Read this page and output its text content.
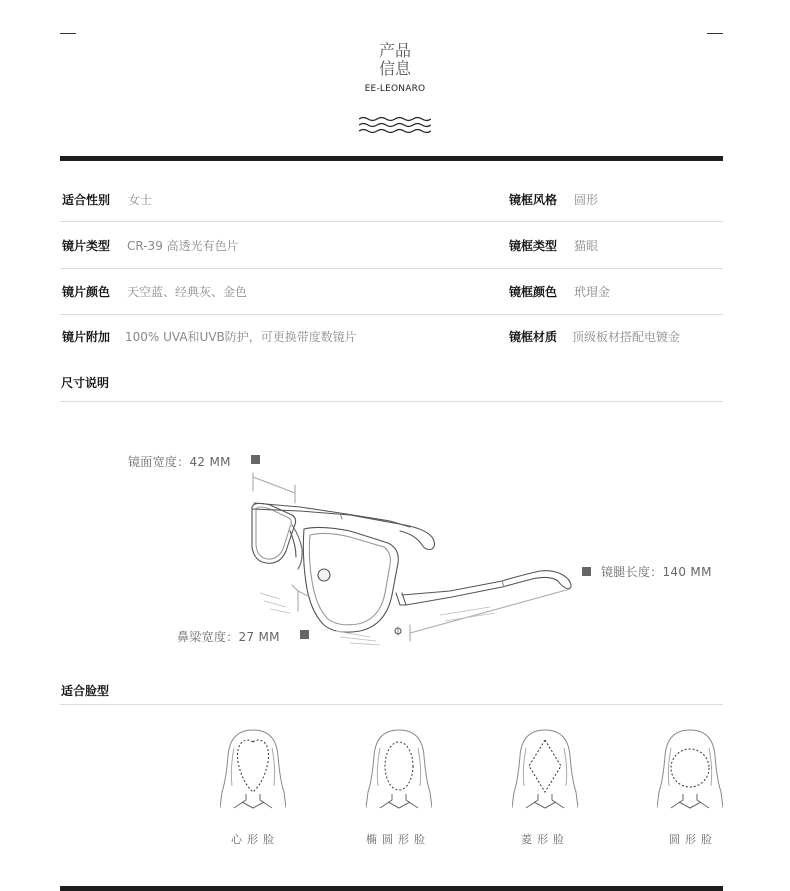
产品
信息
EE-LEONARO
适合性别 女士	镜框风格 圆形
镜片类型 CR-39 高透光有色片	镜框类型 猫眼
镜片颜色 天空蓝、经典灰、金色	镜框颜色 玳瑁金
镜片附加 100% UVA和UVB防护，可更换带度数镜片	镜框材质 顶级板材搭配电镀金
尺寸说明
镜面宽度：42 MM
镜腿长度：140 MM
鼻梁宽度：27 MM
适合脸型
心形脸	椭圆形脸	菱形脸	圆形脸
